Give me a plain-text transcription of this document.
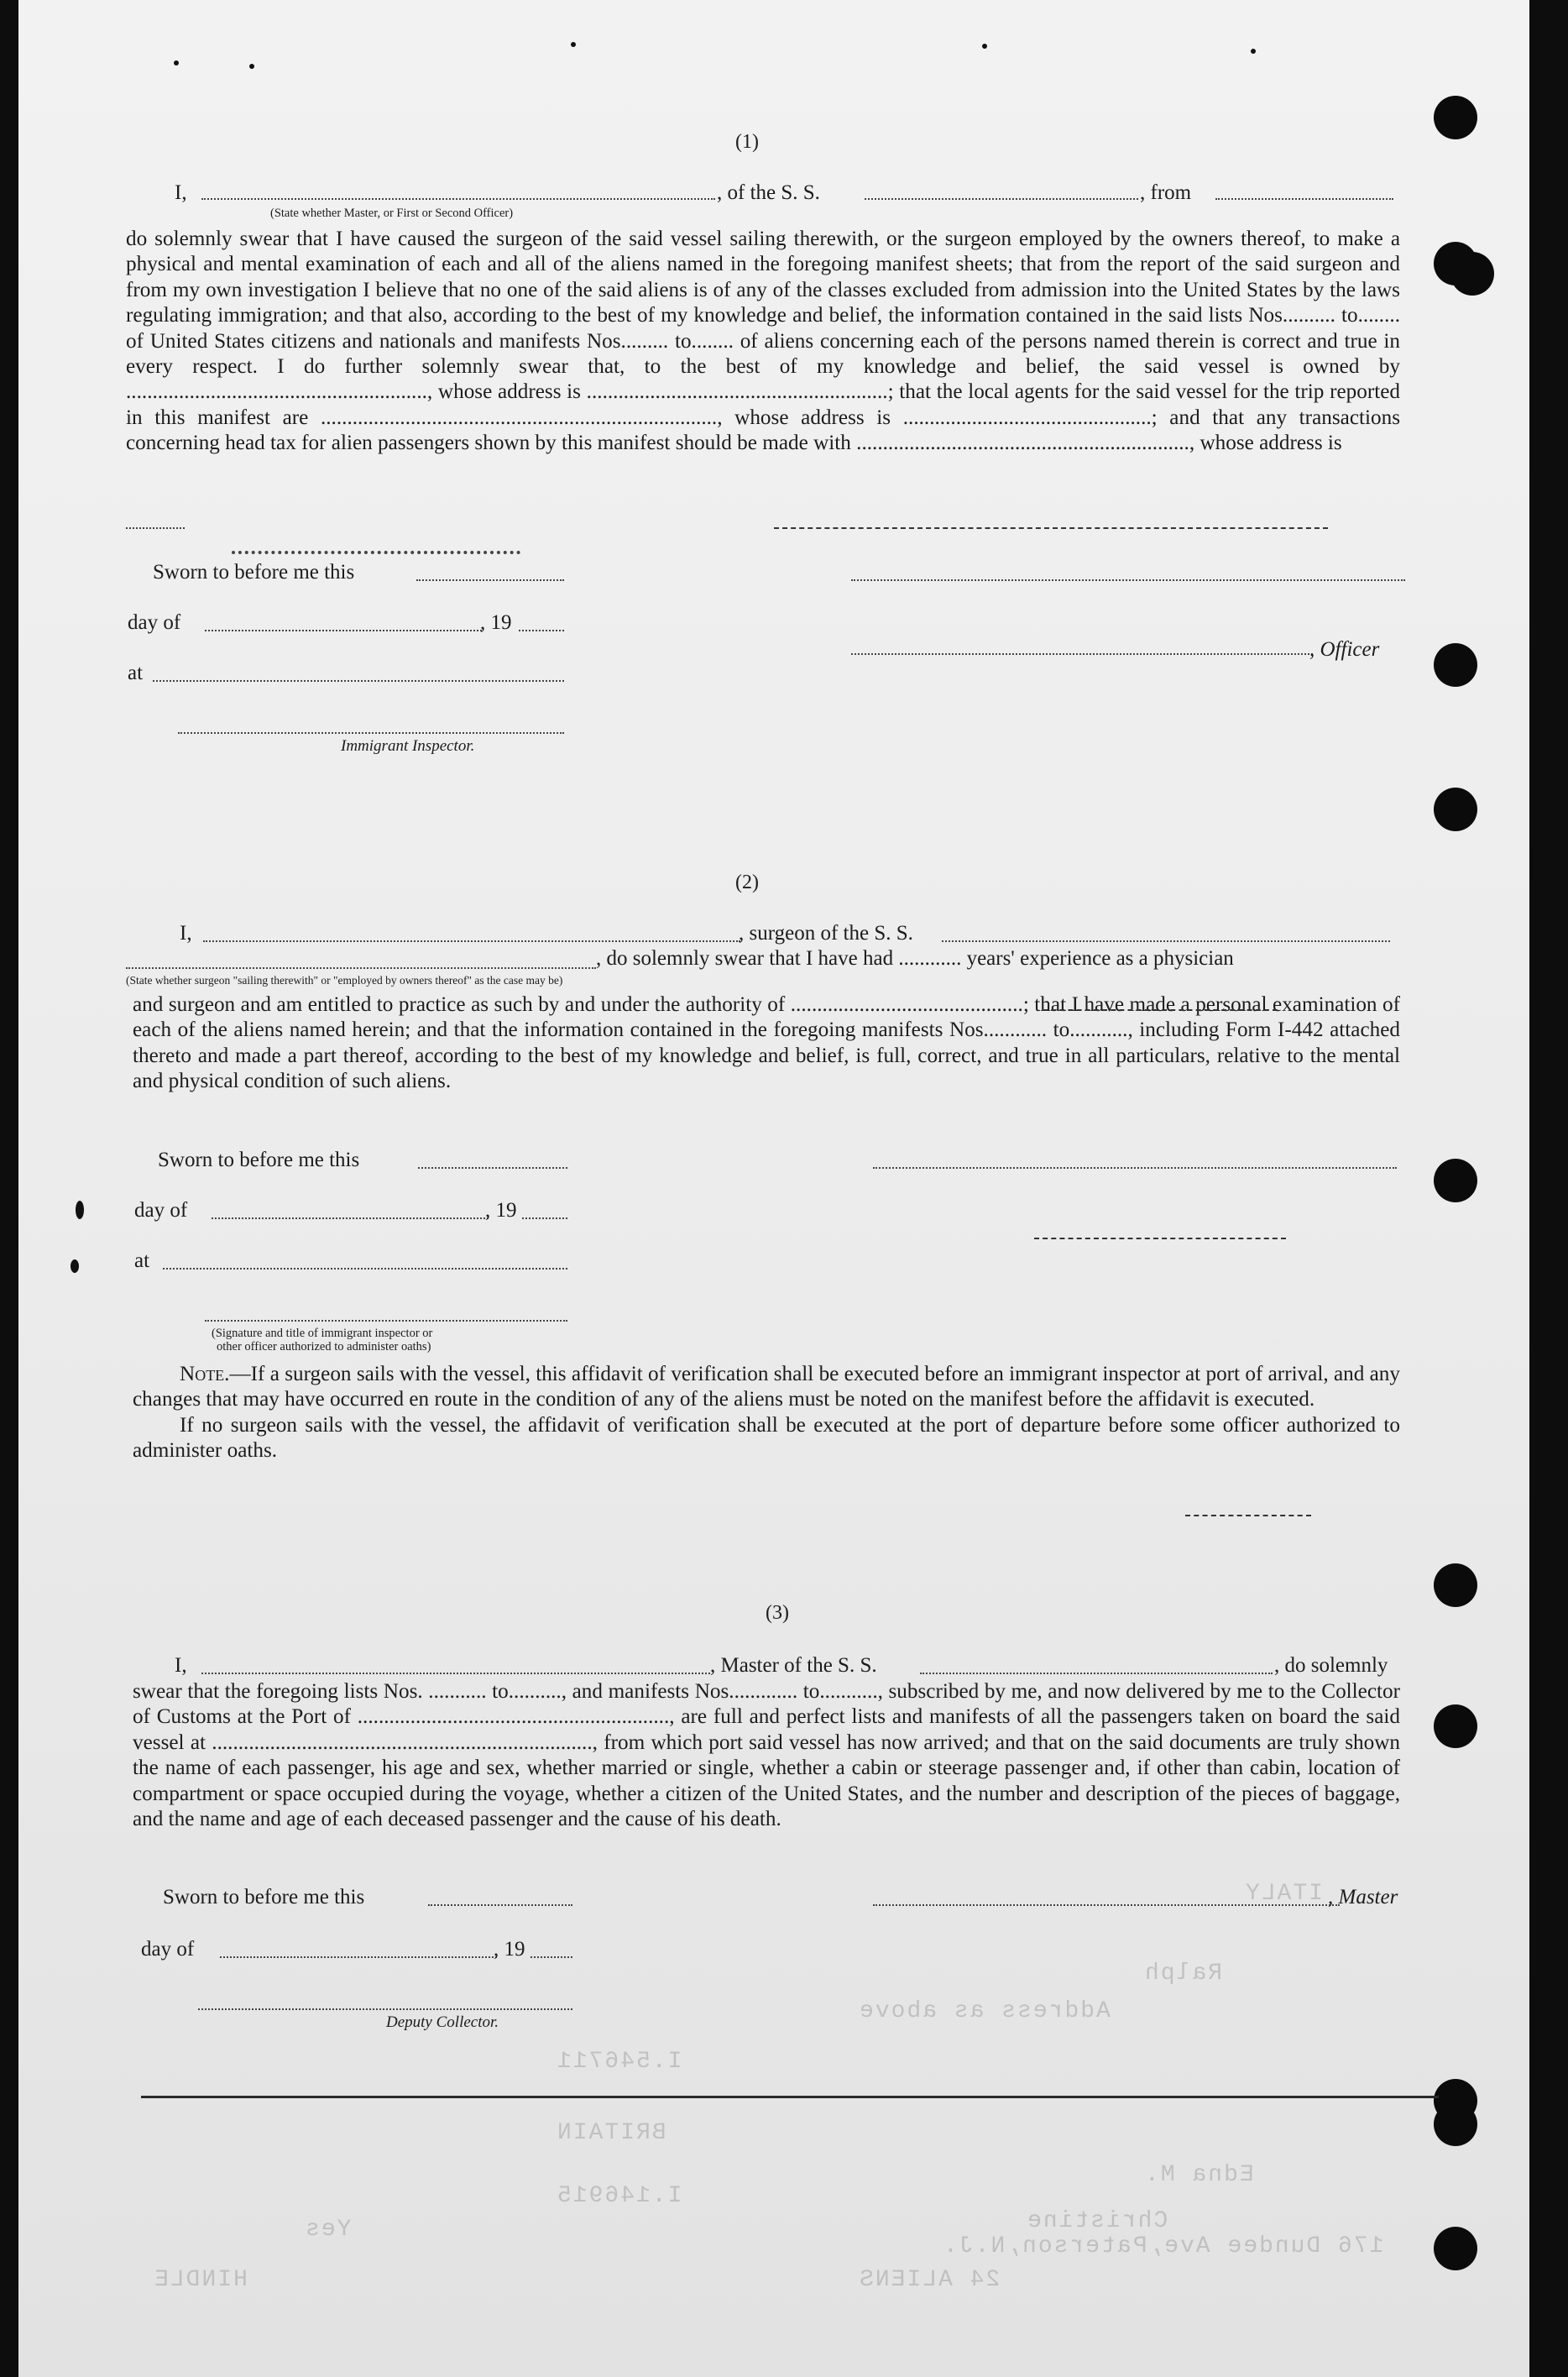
Address as above
I.546711
BRITAIN
I.146915
Christine
176 Dundee Ave,Paterson,N.J.
24 ALIENS
Yes
HINDLE
Edna M.
Ralph
ITALY
(1)
I,	, of the S. S.	, from
(State whether Master, or First or Second Officer)

do solemnly swear that I have caused the surgeon of the said vessel sailing therewith, or the surgeon employed by the owners thereof, to make a physical and mental examination of each and all of the aliens named in the foregoing manifest sheets; that from the report of the said surgeon and from my own investigation I believe that no one of the said aliens is of any of the classes excluded from admission into the United States by the laws regulating immigration; and that also, according to the best of my knowledge and belief, the information contained in the said lists Nos.......... to........ of United States citizens and nationals and manifests Nos......... to........ of aliens concerning each of the persons named therein is correct and true in every respect. I do further solemnly swear that, to the best of my knowledge and belief, the said vessel is owned by ........................................................., whose address is .........................................................; that the local agents for the said vessel for the trip reported in this manifest are ..........................................................................., whose address is ...............................................; and that any transactions concerning head tax for alien passengers shown by this manifest should be made with ..............................................................., whose address is

Sworn to before me this
day of	, 19
at
, Officer
Immigrant Inspector.
(2)
I,	, surgeon of the S. S.
, do solemnly swear that I have had ............ years' experience as a physician
(State whether surgeon "sailing therewith" or "employed by owners thereof" as the case may be)

and surgeon and am entitled to practice as such by and under the authority of ............................................; that I have made a personal examination of each of the aliens named herein; and that the information contained in the foregoing manifests Nos............ to..........., including Form I-442 attached thereto and made a part thereof, according to the best of my knowledge and belief, is full, correct, and true in all particulars, relative to the mental and physical condition of such aliens.

Sworn to before me this
day of	, 19
at
(Signature and title of immigrant inspector or
other officer authorized to administer oaths)

Note.—If a surgeon sails with the vessel, this affidavit of verification shall be executed before an immigrant inspector at port of arrival, and any changes that may have occurred en route in the condition of any of the aliens must be noted on the manifest before the affidavit is executed.

If no surgeon sails with the vessel, the affidavit of verification shall be executed at the port of departure before some officer authorized to administer oaths.

(3)
I,	, Master of the S. S.	, do solemnly

swear that the foregoing lists Nos. ........... to.........., and manifests Nos............. to..........., subscribed by me, and now delivered by me to the Collector of Customs at the Port of ..........................................................., are full and perfect lists and manifests of all the passengers taken on board the said vessel at ........................................................................, from which port said vessel has now arrived; and that on the said documents are truly shown the name of each passenger, his age and sex, whether married or single, whether a cabin or steerage passenger and, if other than cabin, location of compartment or space occupied during the voyage, whether a citizen of the United States, and the number and description of the pieces of baggage, and the name and age of each deceased passenger and the cause of his death.

Sworn to before me this	, Master
day of	, 19
Deputy Collector.
